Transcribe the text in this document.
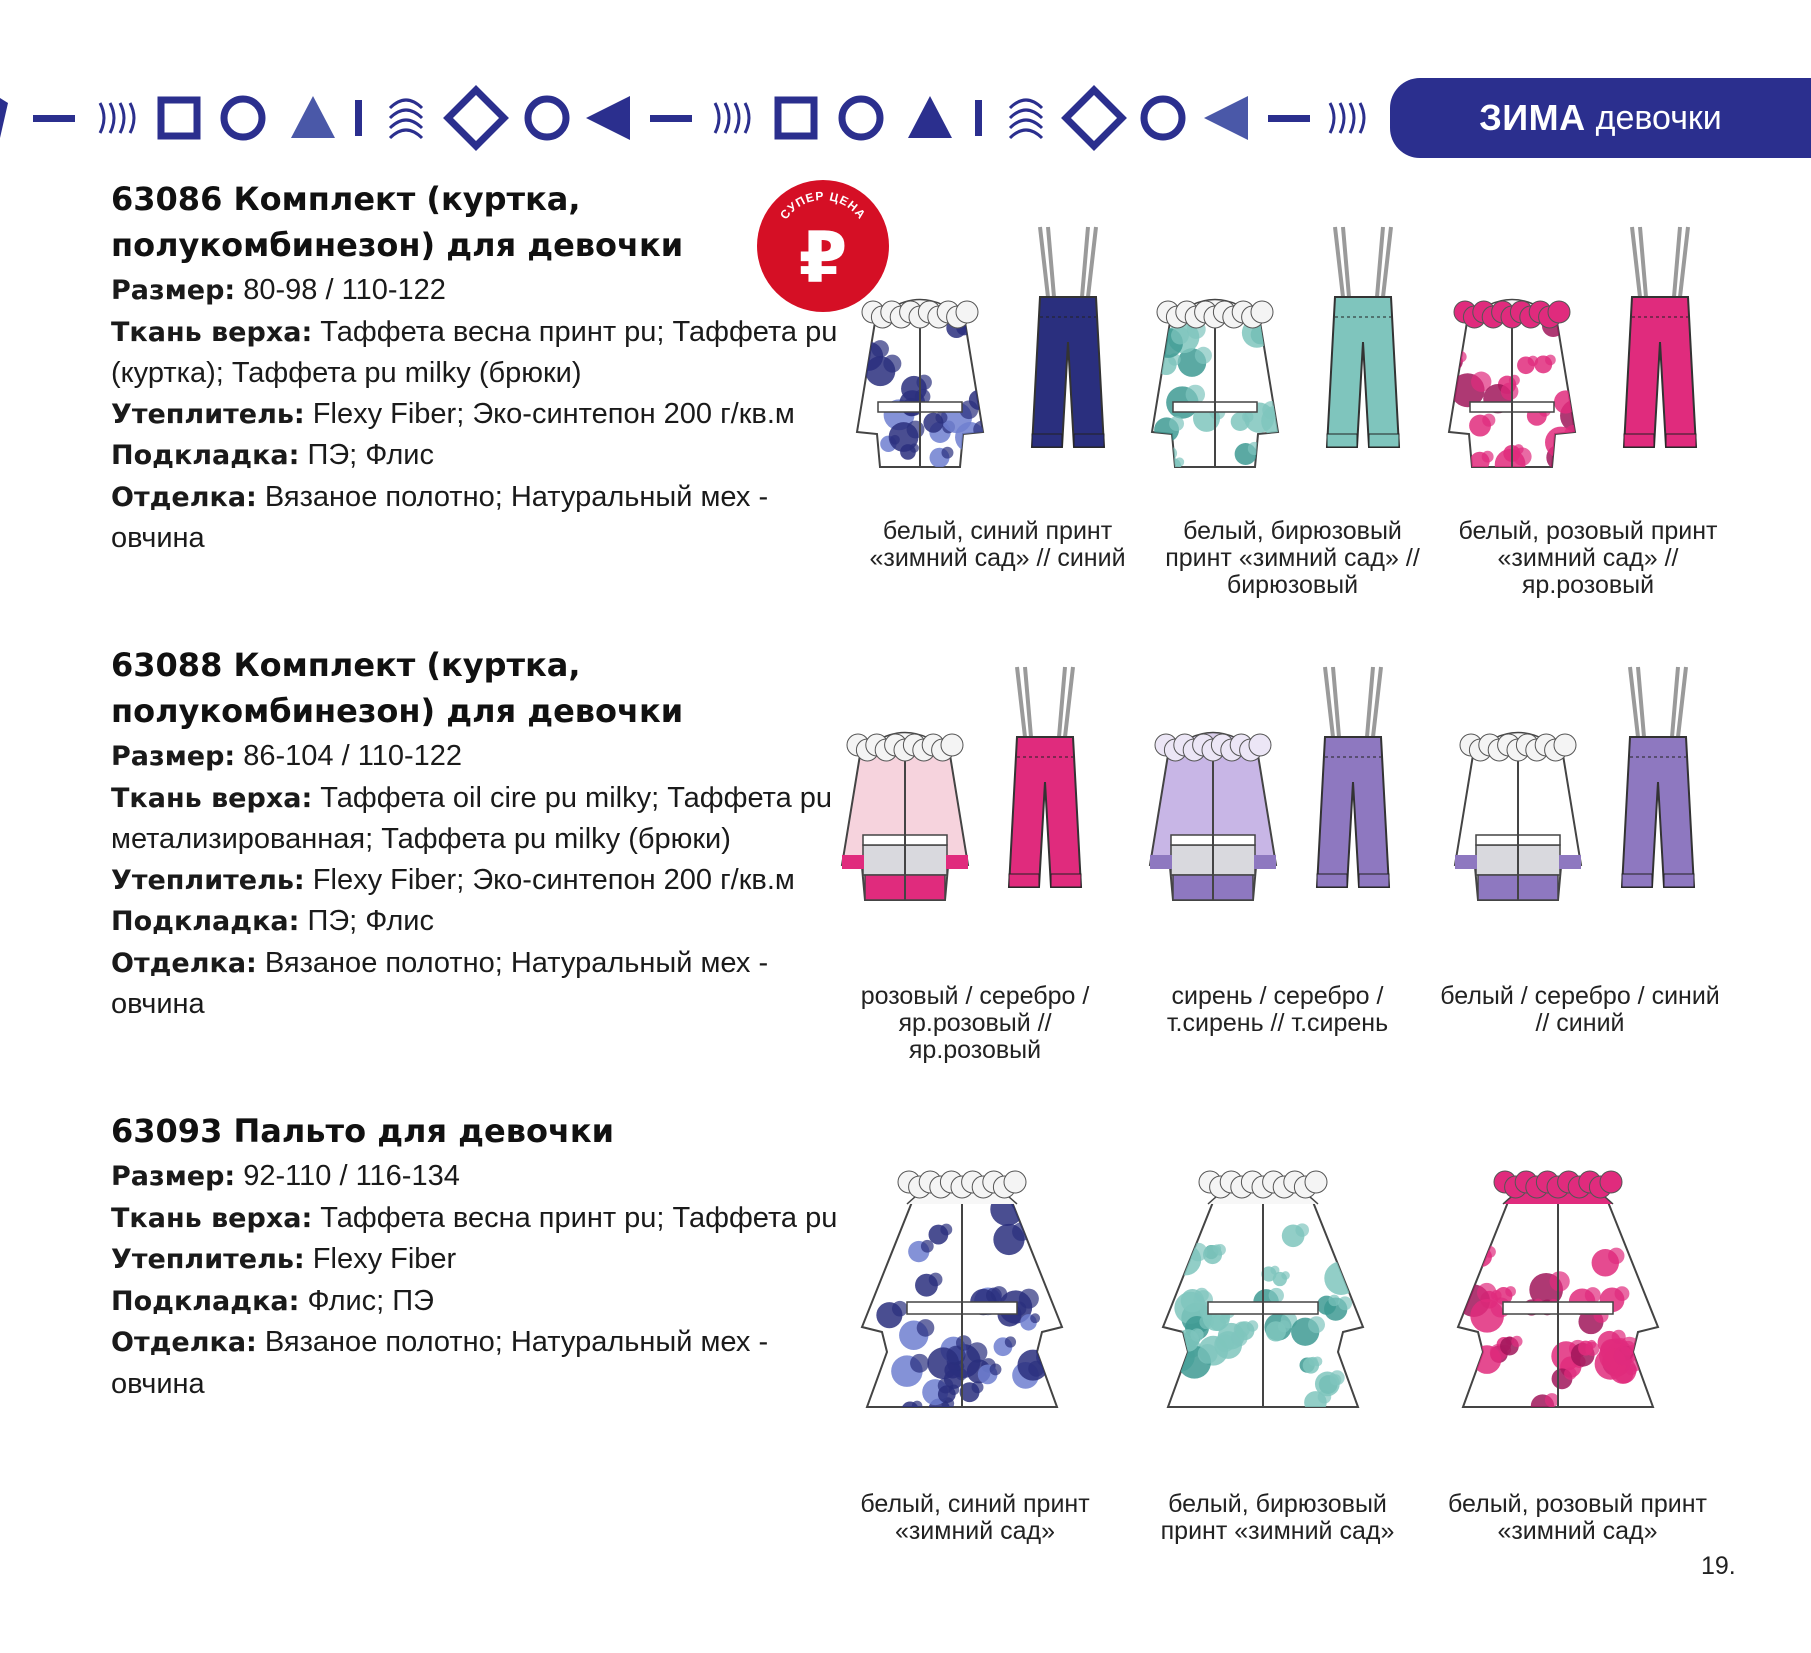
ЗИМА девочки
СУПЕР ЦЕНА
₽
63086 Комплект (куртка, полукомбинезон) для девочки

Размер: 80-98 / 110-122

Ткань верха: Таффета весна принт pu; Таффета pu (куртка); Таффета pu milky (брюки)

Утеплитель: Flexy Fiber; Эко-синтепон 200 г/кв.м

Подкладка: ПЭ; Флис

Отделка: Вязаное полотно; Натуральный мех - овчина

63088 Комплект (куртка, полукомбинезон) для девочки

Размер: 86-104 / 110-122

Ткань верха: Таффета oil cire pu milky; Таффета pu метализированная; Таффета pu milky (брюки)

Утеплитель: Flexy Fiber; Эко-синтепон 200 г/кв.м

Подкладка: ПЭ; Флис

Отделка: Вязаное полотно; Натуральный мех - овчина

63093 Пальто для девочки

Размер: 92-110 / 116-134

Ткань верха: Таффета весна принт pu; Таффета pu

Утеплитель: Flexy Fiber

Подкладка: Флис; ПЭ

Отделка: Вязаное полотно; Натуральный мех - овчина

белый, синий принт «зимний сад» // синий
белый, бирюзовый принт «зимний сад» // бирюзовый
белый, розовый принт «зимний сад» // яр.розовый
розовый / серебро / яр.розовый // яр.розовый
сирень / серебро / т.сирень // т.сирень
белый / серебро / синий // синий
белый, синий принт «зимний сад»
белый, бирюзовый принт «зимний сад»
белый, розовый принт «зимний сад»
19.
